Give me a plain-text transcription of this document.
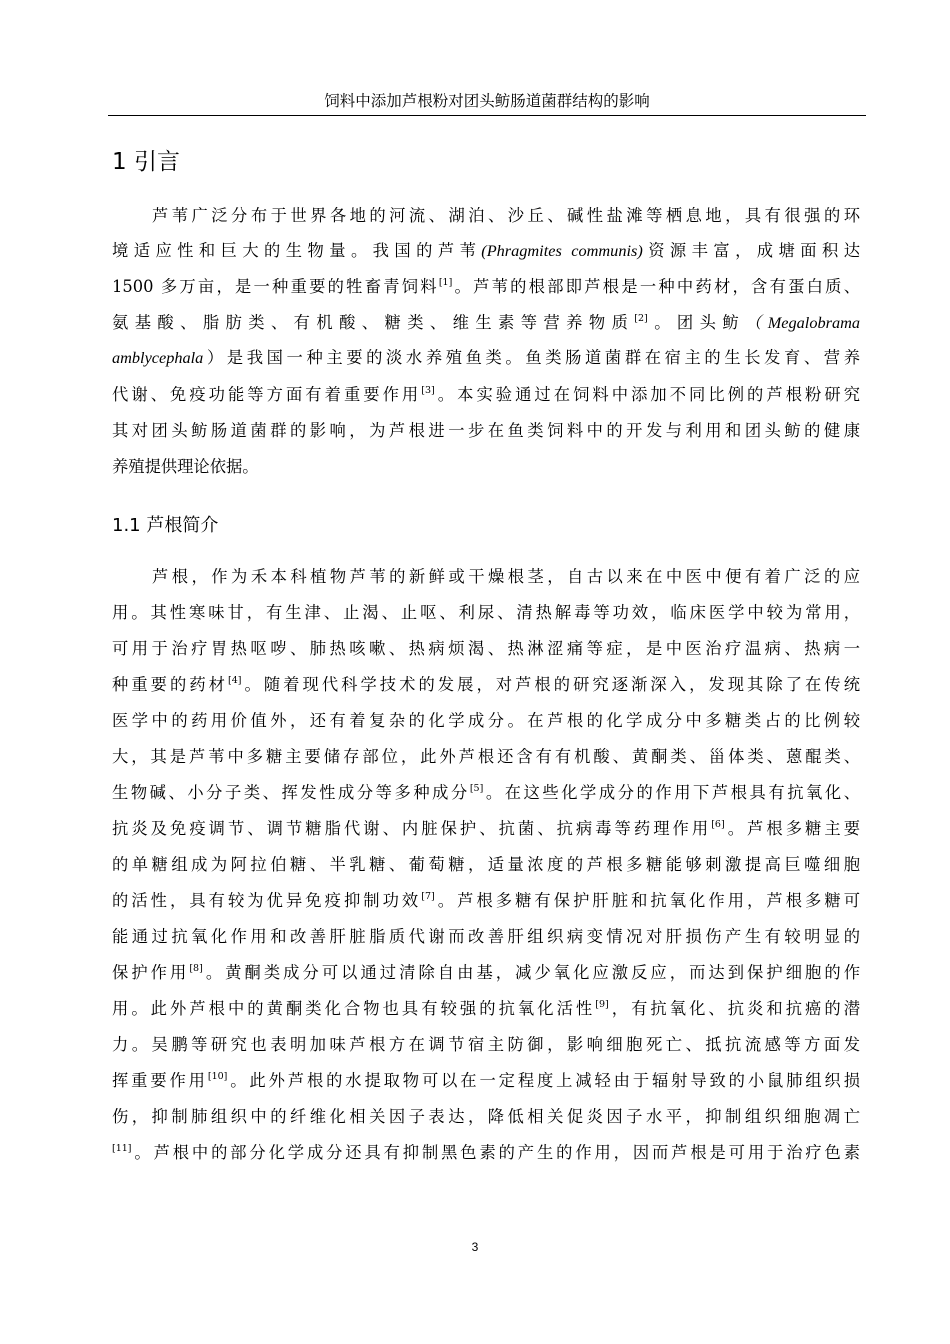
饲料中添加芦根粉对团头鲂肠道菌群结构的影响
1 引言
芦苇广泛分布于世界各地的河流、湖泊、沙丘、碱性盐滩等栖息地，具有很强的环
境适应性和巨大的生物量。我国的芦苇(Phragmites communis)资源丰富，成塘面积达
1500 多万亩，是一种重要的牲畜青饲料[1]。芦苇的根部即芦根是一种中药材，含有蛋白质、
氨基酸、脂肪类、有机酸、糖类、维生素等营养物质[2]。团头鲂（Megalobrama
amblycephala）是我国一种主要的淡水养殖鱼类。鱼类肠道菌群在宿主的生长发育、营养
代谢、免疫功能等方面有着重要作用[3]。本实验通过在饲料中添加不同比例的芦根粉研究
其对团头鲂肠道菌群的影响，为芦根进一步在鱼类饲料中的开发与利用和团头鲂的健康
养殖提供理论依据。
1.1 芦根简介
芦根，作为禾本科植物芦苇的新鲜或干燥根茎，自古以来在中医中便有着广泛的应
用。其性寒味甘，有生津、止渴、止呕、利尿、清热解毒等功效，临床医学中较为常用，
可用于治疗胃热呕哕、肺热咳嗽、热病烦渴、热淋涩痛等症，是中医治疗温病、热病一
种重要的药材[4]。随着现代科学技术的发展，对芦根的研究逐渐深入，发现其除了在传统
医学中的药用价值外，还有着复杂的化学成分。在芦根的化学成分中多糖类占的比例较
大，其是芦苇中多糖主要储存部位，此外芦根还含有有机酸、黄酮类、甾体类、蒽醌类、
生物碱、小分子类、挥发性成分等多种成分[5]。在这些化学成分的作用下芦根具有抗氧化、
抗炎及免疫调节、调节糖脂代谢、内脏保护、抗菌、抗病毒等药理作用[6]。芦根多糖主要
的单糖组成为阿拉伯糖、半乳糖、葡萄糖，适量浓度的芦根多糖能够刺激提高巨噬细胞
的活性，具有较为优异免疫抑制功效[7]。芦根多糖有保护肝脏和抗氧化作用，芦根多糖可
能通过抗氧化作用和改善肝脏脂质代谢而改善肝组织病变情况对肝损伤产生有较明显的
保护作用[8]。黄酮类成分可以通过清除自由基，减少氧化应激反应，而达到保护细胞的作
用。此外芦根中的黄酮类化合物也具有较强的抗氧化活性[9]，有抗氧化、抗炎和抗癌的潜
力。吴鹏等研究也表明加味芦根方在调节宿主防御，影响细胞死亡、抵抗流感等方面发
挥重要作用[10]。此外芦根的水提取物可以在一定程度上减轻由于辐射导致的小鼠肺组织损
伤，抑制肺组织中的纤维化相关因子表达，降低相关促炎因子水平，抑制组织细胞凋亡
[11]。芦根中的部分化学成分还具有抑制黑色素的产生的作用，因而芦根是可用于治疗色素
3
